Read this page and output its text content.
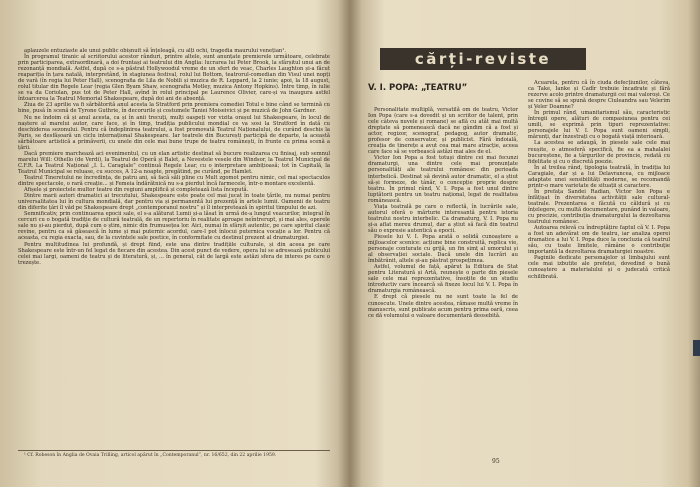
aplauzele entuziaste ale unui public obișnuit să înțeleagă, cu alți ochi, tragedia maurului venețian¹.

În programul tiranic al scriitorului acestor rânduri, printre altele, sunt anunțate premierele următoare, celebrate prin participarea, extraordinară, a doi fruntași ai teatrului din Anglia: lucrarea lui Peter Brook, la sfârșitul unui an de rezonanță mondială. Astfel, după ce s-a păstrat Hollywoodul vreme de un sfert de veac, Charles Laughton și-a făcut reapariția în țara natală, interpretând, în stagiunea festival, rolul lui Bottom, teatrorul-comedian din Visul unei nopți de vară (în regia lui Peter Hall), scenografia de Lila de Nobili și muzica de R. Leppard, la 2 iunie; apoi, la 18 august, rolul titular din Regele Lear (regia Glen Byam Shaw, scenografia Motley, muzica Antony Hopkins). Între timp, în iulie se va da Coriolan, pus tot de Peter Hall, avînd în rolul principal pe Laurence Olivier, care-și va inaugura astfel întoarcerea la Teatrul Memorial Shakespeare, după doi ani de absență.

Ziua de 23 aprilie va fi sărbătorită anul acesta la Stratford prin premiera comediei Totul e bine când se termină cu bine, pusă în scenă de Tyrone Guthrie, în decorurile și costumele Taniei Moiseivici și pe muzică de John Gardner.

Nu ne îndoim că și anul acesta, ca și în anii trecuți, mulți oaspeți vor vizita orașul lui Shakespeare, în locul de naștere al marelui autor, care face, și în timp, tradiția publicului mondial ce va sosi la Stratford în dată cu deschiderea sezonului. Pentru că îndeplinirea teatrului, a fost promovată Teatrul Naționalului, de curând deschis la Paris, se desfășoară un ciclu internațional Shakespeare. Iar teatrele din București participă de departe, la această sărbătoare artistică a primăverii, cu unele din cele mai bune trupe de teatru românești, în frunte cu prima scenă a țării.

Dacă premiere marchează aci evenimentul, cu un elan artistic destinat să bucure realizarea cu finisaj, sub semnul marelui Will: Othello (de Verdi), la Teatrul de Operă și Balet, a Nevestele vesele din Windsor, la Teatrul Municipal de C.F.R. La Teatrul Național „I. L. Caragiale” continuă Regele Lear, cu o interpretare ambițioasă; tot în Capitală, la Teatrul Municipal se reluase, cu succes, A 12-a noapte, pregătind, pe curând, pe Hamlet.

Teatrul Tineretului ne încredința, de patru ani, să facă săli pline cu Mult zgomot pentru nimic, cel mai spectaculos dintre spectacole, o rară creație... și Femeia îndărătnică nu s-a pierdut încă farmecele, într-o montare excelentă.

Afișele și proiectele multor teatre din regiuni amplifică și completează lista începută.

Dintre marii autori dramatici ai trecutului, Shakespeare este poate cel mai jucat în toate țările, nu numai pentru universalitatea lui în cultura mondială, dar pentru via și permanentă lui prezență în artele lumii. Oamenii de teatru din diferite țări îl văd pe Shakespeare drept „contemporanul nostru” și îl interpretează în spiritul timpului de azi.

Semnificativ, prin continuarea epocii sale, el s-a alăturat Lumii și-a lăsat în urmă de-a lungul veacurilor, integral în cercuri cu o bogată tradiție de cultură teatrală, de un repertoriu în realitate aproape neîntrerupt, și mai ales, operele sale nu și-au pierdut, după cum o știm, nimic din frumusețea lor. Aici, numai în sfârșit autentic, pe care spiritul clasic revine, pentru ca să găsească în lume și mai puternic acordul, care-l pot înlocui puternica vocație a lor. Pentru că aceasta, cu regia exacta, sau, de la cuvintele sale poetice, în conformitate cu destinul prezent al dramaturgiei.

Pentru multitudinea lui profundă, și drept fiind, este una dintre tradițiile culturale, și din aceea pe care Shakespeare este într-un fel legat de fiecare din acestea. Din acest punct de vedere, opera lui se adresează publicului celei mai largi, oameni de teatru și de literatură, și, ... în general, cât de largă este astăzi sfera de interes pe care o trezește.

¹ Cf. Robeson în Anglia de Ovaia Trilling, articol apărut în „Contemporanul”, nr. 16/652, din 22 aprilie 1959.

cărți-reviste
V. I. POPA: „TEATRU”

Personalitate multiplă, versatilă om de teatru, Victor Ion Popa (care s-a dovedit și un scriitor de talent, prin cele câteva nuvele și romane) se află cu atât mai multă dreptate să pomenească dacă ne gândim că a fost și actor, regizor, scenograf, pedagog, autor dramatic, profesor de conservator, și publicist. Fără îndoială, creația de tinerețe a avut cea mai mare atracție, aceea care face să se vorbească astăzi mai ales de el.

Victor Ion Popa a fost totuși dintre cei mai fecunzi dramaturgi, una dintre cele mai pronunțate personalități ale teatrului românesc din perioada interbelică. Destinat să devină autor dramatic, el a știut să-și formeze, de tânăr, o concepție proprie despre teatru. În primul rând, V. I. Popa a fost unul dintre luptătorii pentru un teatru național, legat de realitatea românească.

Viața teatrală pe care o reflectă, în lucrările sale, autorul oferă o mărturie interesantă pentru istoria teatrului nostru interbelic. Ca dramaturg, V. I. Popa nu și-a aflat mereu drumul, dar a știut să facă din teatrul său o expresie autentică a epocii.

Piesele lui V. I. Popa arată o solidă cunoaștere a mijloacelor scenice: acțiune bine construită, replica vie, personaje conturate cu grijă, un fin simț al umorului și al observației sociale. Dacă unele din lucrări au îmbătrânit, altele și-au păstrat prospețimea.

Astfel, volumul de față, apărut la Editura de Stat pentru Literatură și Artă, reunește o parte din piesele sale cele mai reprezentative, însoțite de un studiu introductiv care încearcă să fixeze locul lui V. I. Popa în dramaturgia românească.

E drept că piesele nu ne sunt toate la fel de cunoscute. Unele dintre acestea, rămase multă vreme în manuscris, sunt publicate acum pentru prima oară, ceea ce dă volumului o valoare documentară deosebită.

Acuarela, pentru că în ciuda defecțiunilor, câteva, ca Take, Ianke și Cadîr trebuie încadrate și fără rezerve acolo printre dramaturgii cei mai valoroși. Ce se cuvine să se spună despre Ciuleandra sau Velerim și Veler Doamne?

În primul rând, umanitarismul său, caracteristic întregii opere, alături de compasiunea pentru cei umili, se exprimă prin tipuri reprezentative: personajele lui V. I. Popa sunt oameni simpli, mărunți, dar înzestrați cu o bogată viață interioară.

La acestea se adaugă, în piesele sale cele mai reușite, o atmosferă specifică, fie ea a mahalalei bucureștene, fie a târgurilor de provincie, redată cu fidelitate și cu o discretă poezie.

În al treilea rând, tipologia teatrală, în tradiția lui Caragiale, dar și a lui Delavrancea, cu mijloace adaptate unei sensibilități moderne, se recomandă printr-o mare varietate de situații și caractere.

În prefața Sandei Radian, Victor Ion Popa e înfățișat în diversitatea activității sale cultural-teatrale. Prezentarea e făcută cu căldură și cu înțelegere, cu multă documentare, punând în valoare, cu precizie, contribuția dramaturgului la dezvoltarea teatrului românesc.

Autoarea relevă cu îndreptățire faptul că V. I. Popa a fost un adevărat om de teatru, iar analiza operei dramatice a lui V. I. Popa duce la concluzia că teatrul său, cu toate limitele, rămâne o contribuție importantă la dezvoltarea dramaturgiei noastre.

Paginile dedicate personajelor și limbajului sunt cele mai izbutite ale prefeței, dovedind o bună cunoaștere a materialului și o judecată critică echilibrată.

95
